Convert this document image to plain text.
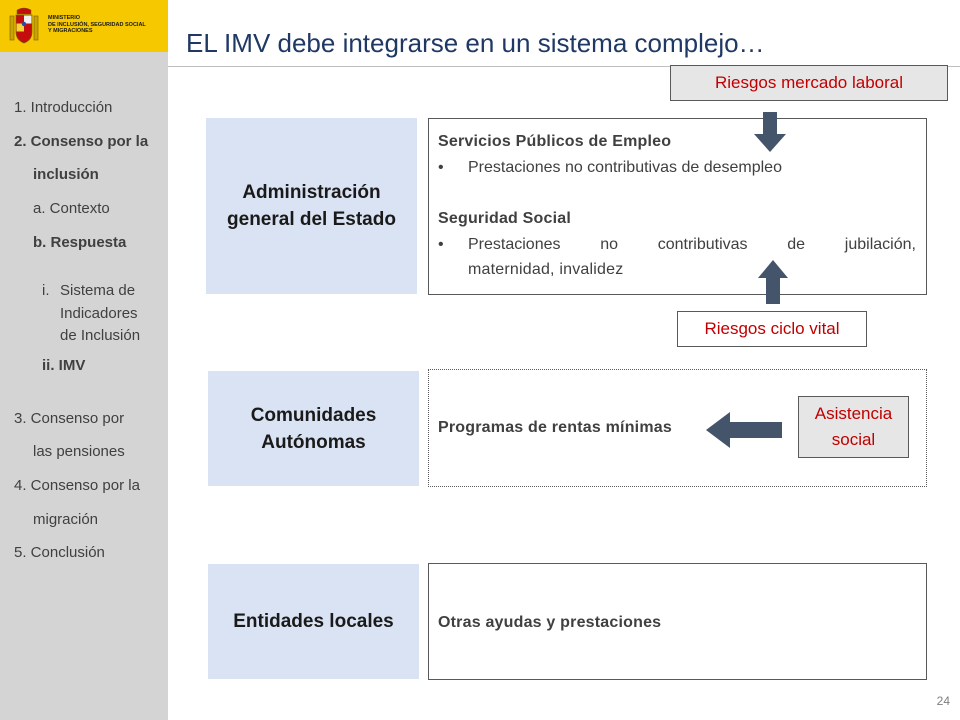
MINISTERIO
DE INCLUSIÓN, SEGURIDAD SOCIAL
Y MIGRACIONES
1. Introducción
2. Consenso por la
inclusión
a. Contexto
b. Respuesta
i. Sistema de
Indicadores
de Inclusión
ii. IMV
3. Consenso por
las pensiones
4. Consenso por la
migración
5. Conclusión
EL IMV debe integrarse en un sistema complejo…
Administración
general del Estado
Servicios Públicos de Empleo
• Prestaciones no contributivas de desempleo
Seguridad Social
• Prestaciones no contributivas de jubilación,
maternidad, invalidez
Riesgos mercado laboral
Riesgos ciclo vital
Comunidades
Autónomas
Programas de rentas mínimas
Asistencia
social
Entidades locales	Otras ayudas y prestaciones
24
